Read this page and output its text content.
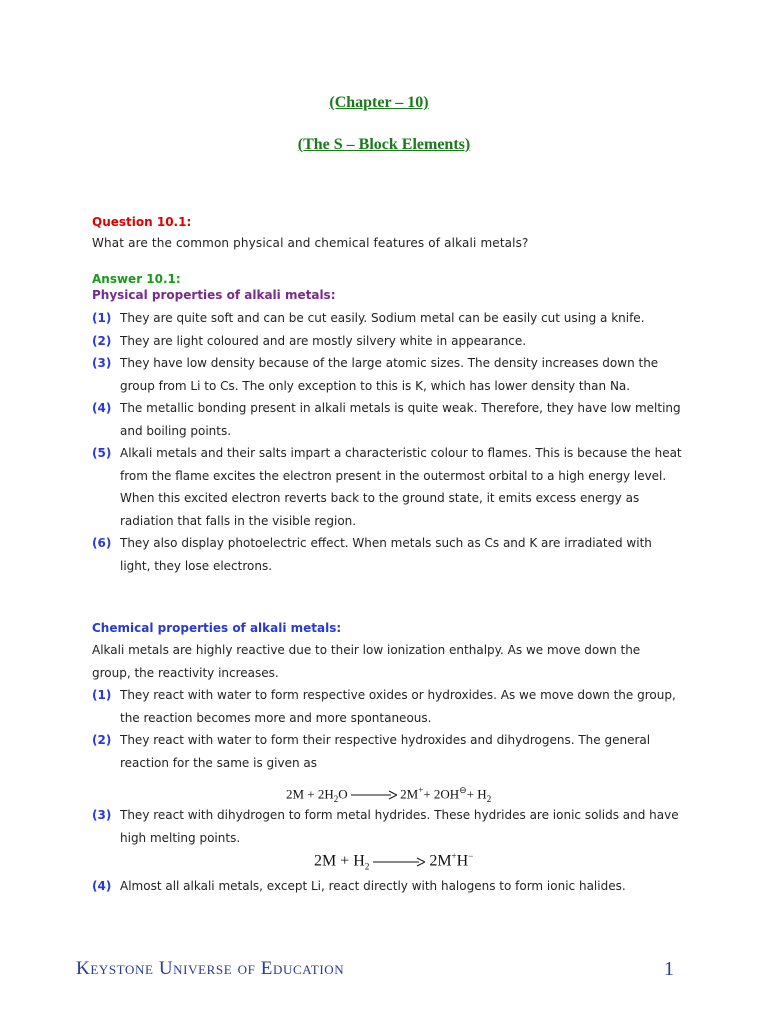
(Chapter – 10)
(The S – Block Elements)
Question 10.1:
What are the common physical and chemical features of alkali metals?
Answer 10.1:
Physical properties of alkali metals:
(1) They are quite soft and can be cut easily. Sodium metal can be easily cut using a knife.
(2) They are light coloured and are mostly silvery white in appearance.
(3) They have low density because of the large atomic sizes. The density increases down the group from Li to Cs. The only exception to this is K, which has lower density than Na.
(4) The metallic bonding present in alkali metals is quite weak. Therefore, they have low melting and boiling points.
(5) Alkali metals and their salts impart a characteristic colour to flames. This is because the heat from the flame excites the electron present in the outermost orbital to a high energy level. When this excited electron reverts back to the ground state, it emits excess energy as radiation that falls in the visible region.
(6) They also display photoelectric effect. When metals such as Cs and K are irradiated with light, they lose electrons.
Chemical properties of alkali metals:
Alkali metals are highly reactive due to their low ionization enthalpy. As we move down the group, the reactivity increases.
(1) They react with water to form respective oxides or hydroxides. As we move down the group, the reaction becomes more and more spontaneous.
(2) They react with water to form their respective hydroxides and dihydrogens. The general reaction for the same is given as
$2M + 2H_2O \to 2M^++ 2OH^⊖+ H_2$
(3) They react with dihydrogen to form metal hydrides. These hydrides are ionic solids and have high melting points.
$2M + H_2 \to 2M^+H^-$
(4) Almost all alkali metals, except Li, react directly with halogens to form ionic halides.
Keystone Universe of Education	1
